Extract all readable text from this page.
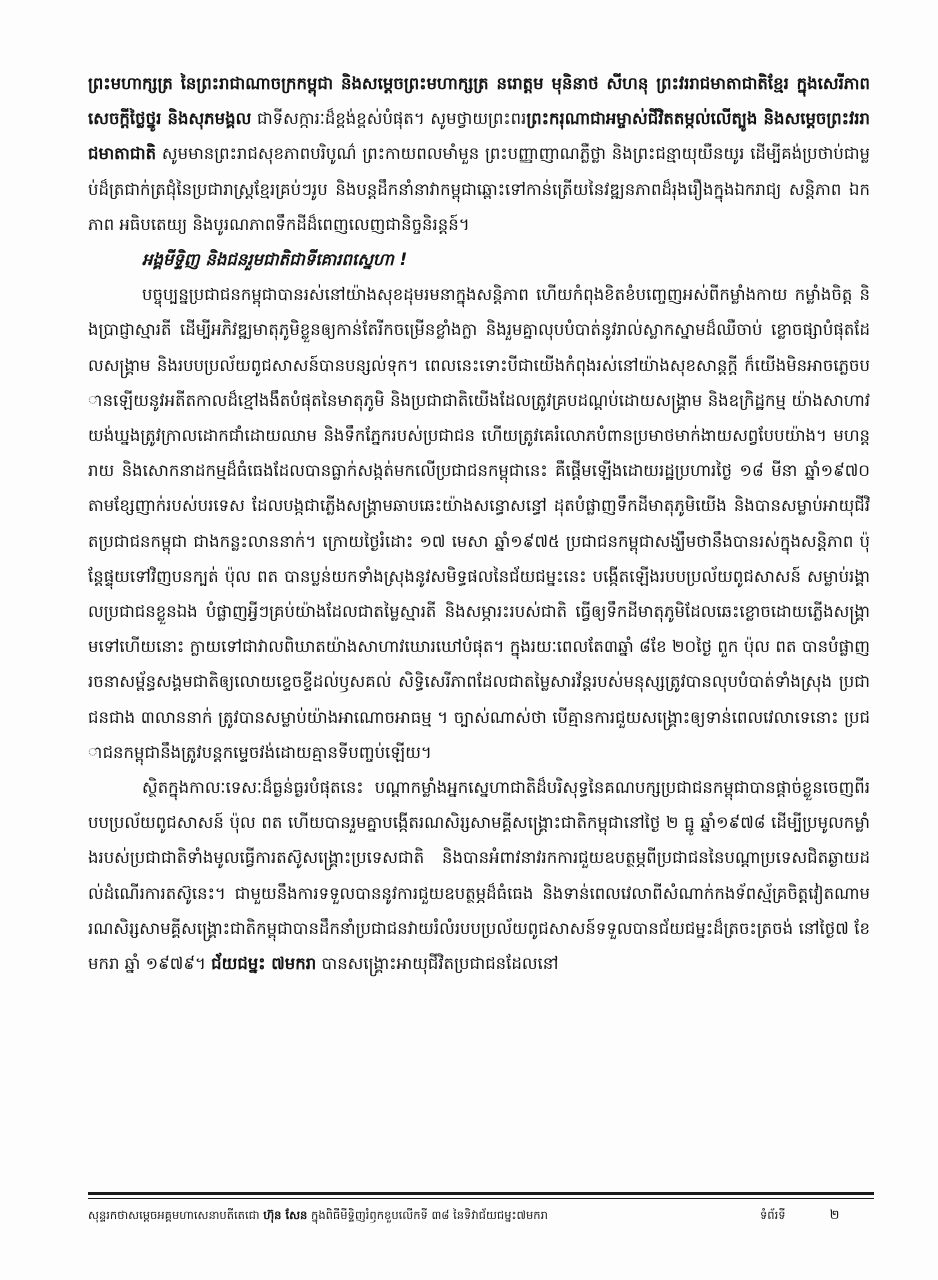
ព្រះមហាក្សត្រ នៃព្រះរាជាណាចក្រកម្ពុជា និងសម្តេចព្រះមហាក្សត្រ នរោត្តម មុនិនាថ សីហនុ ព្រះវររាជមាតាជាតិខ្មែរ ក្នុងសេរីភាព សេចក្តីថ្លៃថ្នូរ និងសុភមង្គល ជាទីសក្ការៈដ៏ខ្ពង់ខ្ពស់បំផុត។ សូមថ្វាយព្រះពរព្រះករុណាជាអម្ចាស់ជីវិតតម្កល់លើត្បូង និងសម្តេចព្រះវររាជមាតាជាតិ សូមមានព្រះរាជសុខភាពបរិបូណ៌ ព្រះកាយពលមាំមួន ព្រះបញ្ញាញាណភ្លឺថ្លា និងព្រះជន្មាយុយឺនយូរ ដើម្បីគង់ប្រថាប់ជាម្លប់ដ៏ត្រជាក់ត្រជុំនៃប្រជារាស្ត្រខ្មែរគ្រប់ៗរូប និងបន្តដឹកនាំនាវាកម្ពុជាឆ្ពោះទៅកាន់ត្រើយនៃវឌ្ឍនភាពដ៏រុងរឿងក្នុងឯករាជ្យ សន្តិភាព ឯកភាព អធិបតេយ្យ និងបូរណភាពទឹកដីដ៏ពេញលេញជានិច្ចនិរន្តន៍។

អង្គមីទ្ទិញ និងជនរួមជាតិជាទីគោរពស្នេហា !

បច្ចុប្បន្នប្រជាជនកម្ពុជាបានរស់នៅយ៉ាងសុខដុមរមនាក្នុងសន្តិភាព ហើយកំពុងខិតខំបញ្ចេញអស់ពីកម្លាំងកាយ កម្លាំងចិត្ត និងប្រាជ្ញាស្មារតី ដើម្បីអភិវឌ្ឍមាតុភូមិខ្លួនឲ្យកាន់តែរីកចម្រើនខ្លាំងក្លា និងរួមគ្នាលុបបំបាត់នូវរាល់ស្លាកស្នាមដ៏ឈឺចាប់ ខ្លោចផ្សាបំផុតដែលសង្គ្រាម និងរបបប្រល័យពូជសាសន៍បានបន្សល់ទុក។ ពេលនេះទោះបីជាយើងកំពុងរស់នៅយ៉ាងសុខសាន្តក្តី ក៏យើងមិនអាចភ្លេចបានឡើយនូវអតីតកាលដ៏ខ្មៅងងឹតបំផុតនៃមាតុភូមិ និងប្រជាជាតិយើងដែលត្រូវគ្របដណ្តប់ដោយសង្គ្រាម និងឧក្រិដ្ឋកម្ម យ៉ាងសាហាវយង់ឃ្នងត្រូវក្រាលដោកជាំដោយឈាម និងទឹកភ្នែករបស់ប្រជាជន ហើយត្រូវគេរំលោភបំពានប្រមាថមាក់ងាយសព្វបែបយ៉ាង។ មហន្តរាយ និងសោកនាដកម្មដ៏ធំធេងដែលបានធ្លាក់សង្កត់មកលើប្រជាជនកម្ពុជានេះ គឺផ្តើមឡើងដោយរដ្ឋប្រហារថ្ងៃ ១៨ មីនា ឆ្នាំ១៩៧០ តាមខ្សែញាក់របស់បរទេស ដែលបង្កជាភ្លើងសង្គ្រាមឆាបឆេះយ៉ាងសន្ធោសន្ធៅ ដុតបំផ្លាញទឹកដីមាតុភូមិយើង និងបានសម្លាប់អាយុជីវិតប្រជាជនកម្ពុជា ជាងកន្លះលាននាក់។ ក្រោយថ្ងៃរំដោះ ១៧ មេសា ឆ្នាំ១៩៧៥ ប្រជាជនកម្ពុជាសង្ឃឹមថានឹងបានរស់ក្នុងសន្តិភាព ប៉ុន្តែផ្ទុយទៅវិញបនក្បត់ ប៉ុល ពត បានប្លន់យកទាំងស្រុងនូវសមិទ្ធផលនៃជ័យជម្នះនេះ បង្កើតឡើងរបបប្រល័យពូជសាសន៍ សម្លាប់រង្គាលប្រជាជនខ្លួនឯង បំផ្លាញអ្វីៗគ្រប់យ៉ាងដែលជាតម្លៃស្មារតី និងសម្ភារះរបស់ជាតិ ធ្វើឲ្យទឹកដីមាតុភូមិដែលឆេះខ្លោចដោយភ្លើងសង្គ្រាមទៅហើយនោះ ក្លាយទៅជាវាលពិឃាតយ៉ាងសាហាវឃោរឃៅបំផុត។ ក្នុងរយៈពេលតែ៣ឆ្នាំ ៨ខែ ២០ថ្ងៃ ពួក ប៉ុល ពត បានបំផ្លាញរចនាសម្ព័ន្ធសង្គមជាតិឲ្យលោយខ្ទេចខ្ទីដល់ឫសគល់ សិទ្ធិសេរីភាពដែលជាតម្លៃសារវ័ន្តរបស់មនុស្សត្រូវបានលុបបំបាត់ទាំងស្រុង ប្រជាជនជាង ៣លាននាក់ ត្រូវបានសម្លាប់យ៉ាងអាណោចអាធម្ម ។ ច្បាស់ណាស់ថា បើគ្មានការជួយសង្គ្រោះឲ្យទាន់ពេលវេលាទេនោះ ប្រជាជនកម្ពុជានឹងត្រូវបន្តកម្ទេចវង់ដោយគ្មានទីបញ្ចប់ឡើយ។

ស្ថិតក្នុងកាលៈទេសៈដ៏ធ្ងន់ធ្ងរបំផុតនេះ បណ្តាកម្លាំងអ្នកស្នេហាជាតិដ៏បរិសុទ្ធនៃគណបក្សប្រជាជនកម្ពុជាបានផ្តាច់ខ្លួនចេញពីរបបប្រល័យពូជសាសន៍ ប៉ុល ពត ហើយបានរួមគ្នាបង្កើតរណសិរ្សសាមគ្គីសង្គ្រោះជាតិកម្ពុជានៅថ្ងៃ ២ ធ្នូ ឆ្នាំ១៩៧៨ ដើម្បីប្រមូលកម្លាំងរបស់ប្រជាជាតិទាំងមូលធ្វើការតស៊ូសង្គ្រោះប្រទេសជាតិ និងបានអំពាវនាវរកការជួយឧបត្ថម្ភពីប្រជាជននៃបណ្តាប្រទេសជិតឆ្ងាយដល់ដំណើរការតស៊ូនេះ។ ជាមួយនឹងការទទួលបាននូវការជួយឧបត្ថម្ភដ៏ធំធេង និងទាន់ពេលវេលាពីសំណាក់កងទ័ពស្ម័គ្រចិត្តវៀតណាម រណសិរ្សសាមគ្គីសង្គ្រោះជាតិកម្ពុជាបានដឹកនាំប្រជាជនវាយរំលំរបបប្រល័យពូជសាសន៍ទទួលបានជ័យជម្នះដ៏ត្រចះត្រចង់ នៅថ្ងៃ៧ ខែមករា ឆ្នាំ ១៩៧៩។ ជ័យជម្នះ ៧មករា បានសង្គ្រោះអាយុជីវិតប្រជាជនដែលនៅ

សុន្ទរកថាសម្តេចអគ្គមហាសេនាបតីតេជោ ហ៊ុន សែន ក្នុងពិធីមីទ្ទិញរំឭកខួបលើកទី ៣៨ នៃទិវាជ័យជម្នះ៧មករា	ទំព័រទី	២
